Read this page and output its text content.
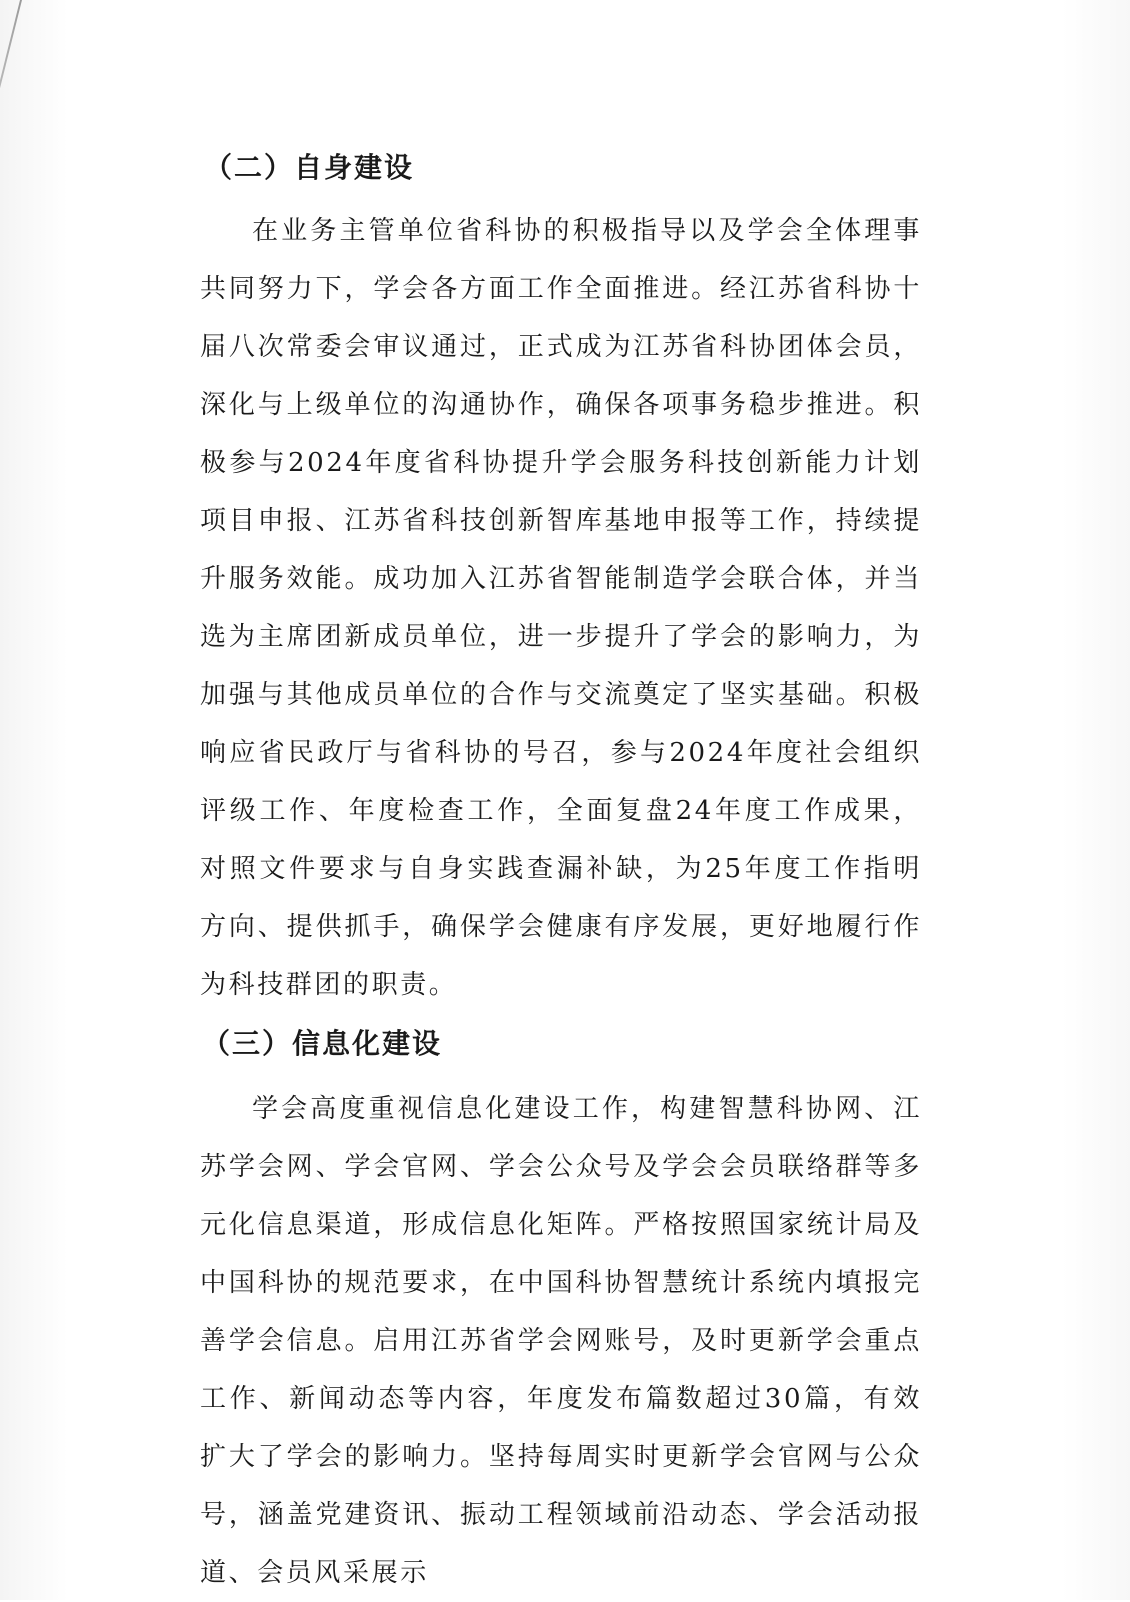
（二）自身建设

在业务主管单位省科协的积极指导以及学会全体理事共同努力下，学会各方面工作全面推进。经江苏省科协十届八次常委会审议通过，正式成为江苏省科协团体会员，深化与上级单位的沟通协作，确保各项事务稳步推进。积极参与2024年度省科协提升学会服务科技创新能力计划项目申报、江苏省科技创新智库基地申报等工作，持续提升服务效能。成功加入江苏省智能制造学会联合体，并当选为主席团新成员单位，进一步提升了学会的影响力，为加强与其他成员单位的合作与交流奠定了坚实基础。积极响应省民政厅与省科协的号召，参与2024年度社会组织评级工作、年度检查工作，全面复盘24年度工作成果，对照文件要求与自身实践查漏补缺，为25年度工作指明方向、提供抓手，确保学会健康有序发展，更好地履行作为科技群团的职责。

（三）信息化建设

学会高度重视信息化建设工作，构建智慧科协网、江苏学会网、学会官网、学会公众号及学会会员联络群等多元化信息渠道，形成信息化矩阵。严格按照国家统计局及中国科协的规范要求，在中国科协智慧统计系统内填报完善学会信息。启用江苏省学会网账号，及时更新学会重点工作、新闻动态等内容，年度发布篇数超过30篇，有效扩大了学会的影响力。坚持每周实时更新学会官网与公众号，涵盖党建资讯、振动工程领域前沿动态、学会活动报道、会员风采展示
